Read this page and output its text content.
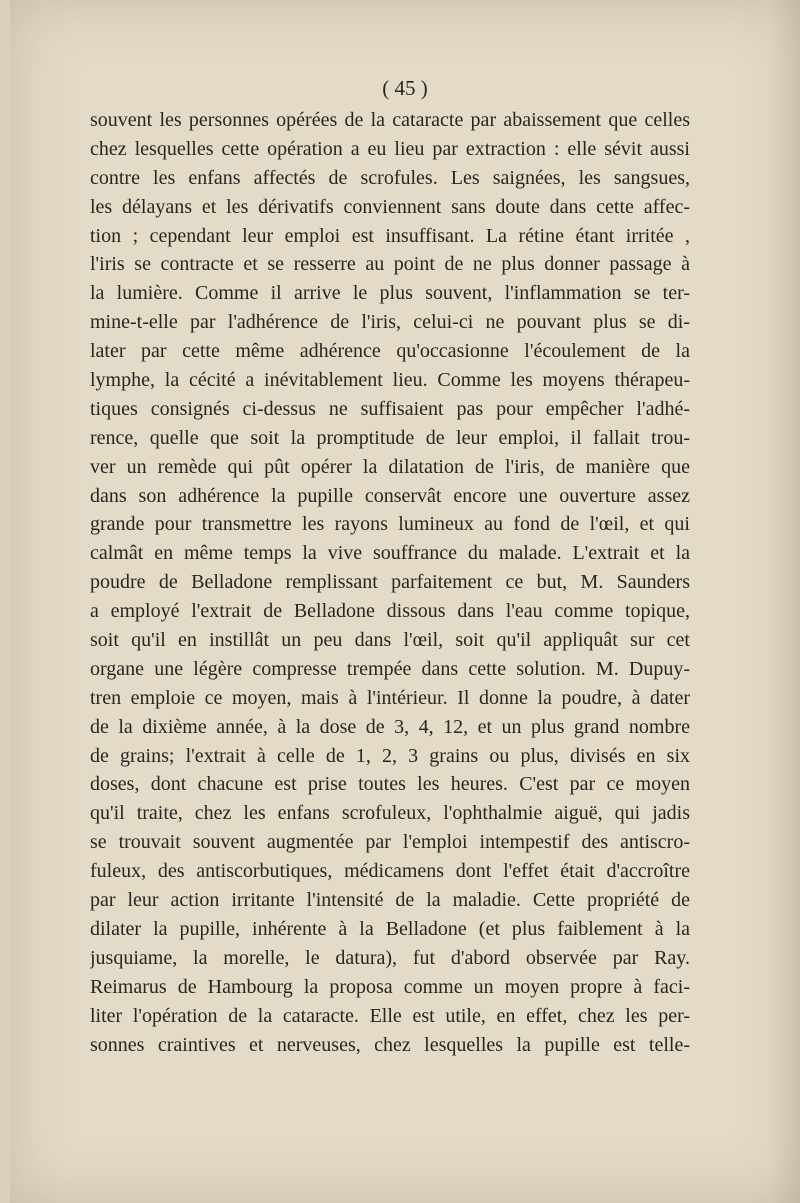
( 45 )
souvent les personnes opérées de la cataracte par abaissement que celles
chez lesquelles cette opération a eu lieu par extraction : elle sévit aussi
contre les enfans affectés de scrofules. Les saignées, les sangsues,
les délayans et les dérivatifs conviennent sans doute dans cette affec-
tion ; cependant leur emploi est insuffisant. La rétine étant irritée ,
l'iris se contracte et se resserre au point de ne plus donner passage à
la lumière. Comme il arrive le plus souvent, l'inflammation se ter-
mine-t-elle par l'adhérence de l'iris, celui-ci ne pouvant plus se di-
later par cette même adhérence qu'occasionne l'écoulement de la
lymphe, la cécité a inévitablement lieu. Comme les moyens thérapeu-
tiques consignés ci-dessus ne suffisaient pas pour empêcher l'adhé-
rence, quelle que soit la promptitude de leur emploi, il fallait trou-
ver un remède qui pût opérer la dilatation de l'iris, de manière que
dans son adhérence la pupille conservât encore une ouverture assez
grande pour transmettre les rayons lumineux au fond de l'œil, et qui
calmât en même temps la vive souffrance du malade. L'extrait et la
poudre de Belladone remplissant parfaitement ce but, M. Saunders
a employé l'extrait de Belladone dissous dans l'eau comme topique,
soit qu'il en instillât un peu dans l'œil, soit qu'il appliquât sur cet
organe une légère compresse trempée dans cette solution. M. Dupuy-
tren emploie ce moyen, mais à l'intérieur. Il donne la poudre, à dater
de la dixième année, à la dose de 3, 4, 12, et un plus grand nombre
de grains; l'extrait à celle de 1, 2, 3 grains ou plus, divisés en six
doses, dont chacune est prise toutes les heures. C'est par ce moyen
qu'il traite, chez les enfans scrofuleux, l'ophthalmie aiguë, qui jadis
se trouvait souvent augmentée par l'emploi intempestif des antiscro-
fuleux, des antiscorbutiques, médicamens dont l'effet était d'accroître
par leur action irritante l'intensité de la maladie. Cette propriété de
dilater la pupille, inhérente à la Belladone (et plus faiblement à la
jusquiame, la morelle, le datura), fut d'abord observée par Ray.
Reimarus de Hambourg la proposa comme un moyen propre à faci-
liter l'opération de la cataracte. Elle est utile, en effet, chez les per-
sonnes craintives et nerveuses, chez lesquelles la pupille est telle-
